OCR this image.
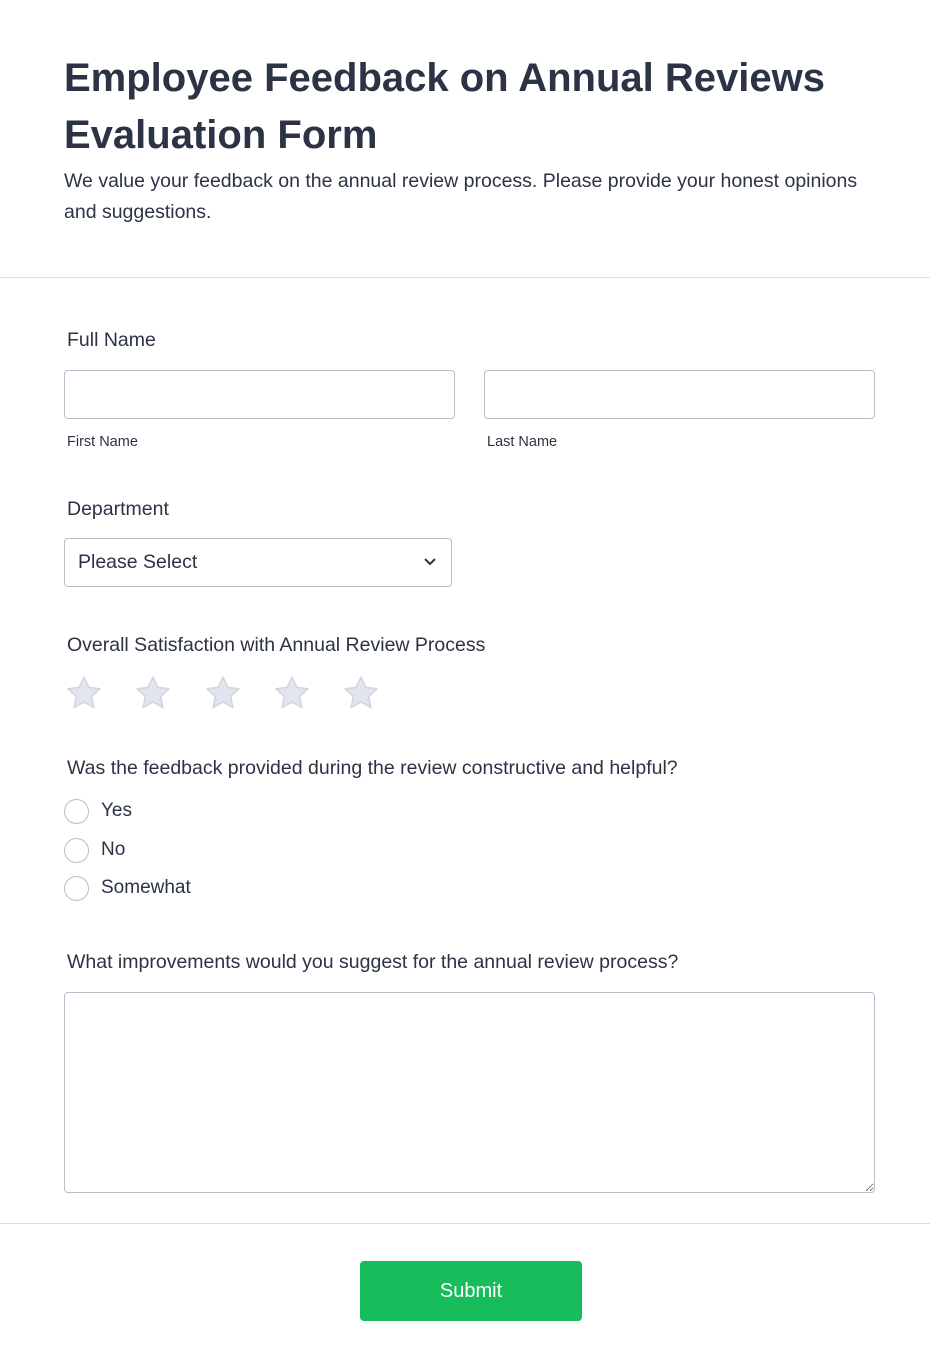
Employee Feedback on Annual Reviews Evaluation Form

We value your feedback on the annual review process. Please provide your honest opinions and suggestions.

Full Name
First Name	Last Name
Department
Please Select
Overall Satisfaction with Annual Review Process
Was the feedback provided during the review constructive and helpful?
Yes
No
Somewhat
What improvements would you suggest for the annual review process?
Submit
